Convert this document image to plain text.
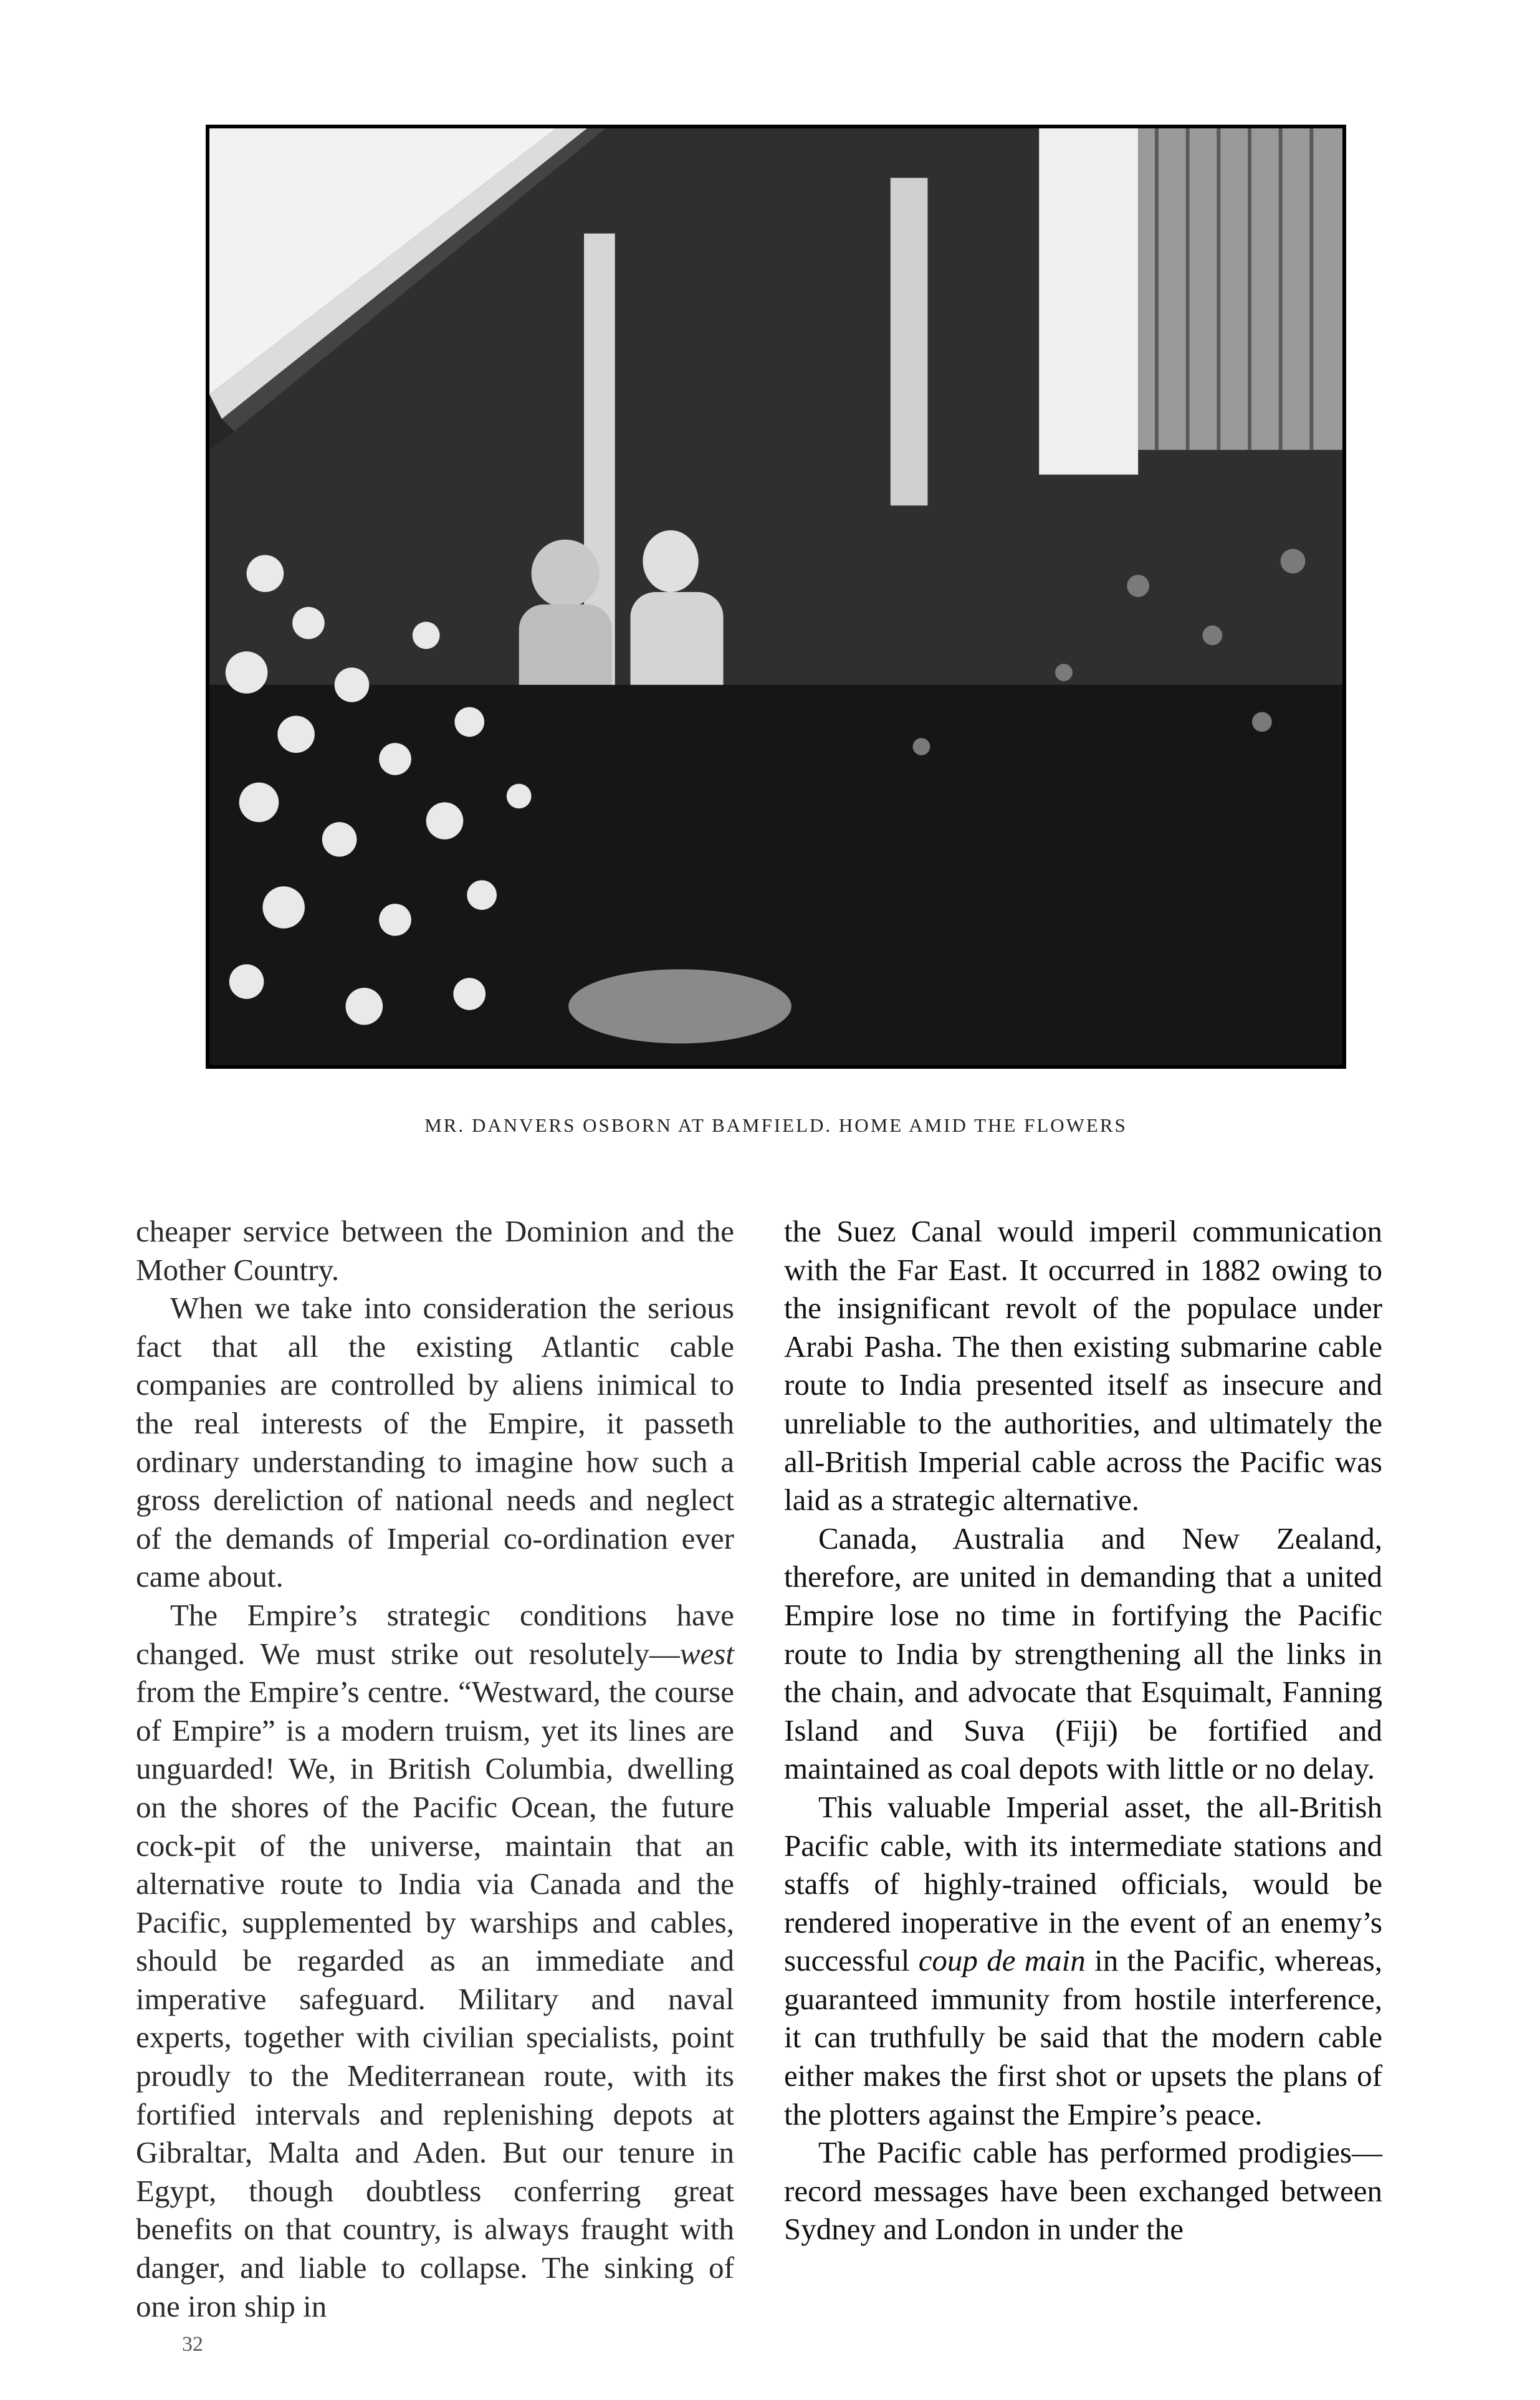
MR. DANVERS OSBORN AT BAMFIELD. HOME AMID THE FLOWERS

cheaper service between the Dominion and the Mother Country.

When we take into consideration the serious fact that all the existing Atlantic cable companies are controlled by aliens inimical to the real interests of the Empire, it passeth ordinary understanding to imagine how such a gross dereliction of national needs and neglect of the demands of Imperial co-ordination ever came about.

The Empire’s strategic conditions have changed. We must strike out resolutely—west from the Empire’s centre. “Westward, the course of Empire” is a modern truism, yet its lines are unguarded! We, in British Columbia, dwelling on the shores of the Pacific Ocean, the future cock-pit of the universe, maintain that an alternative route to India via Canada and the Pacific, supplemented by warships and cables, should be regarded as an immediate and imperative safeguard. Military and naval experts, together with civilian specialists, point proudly to the Mediterranean route, with its fortified intervals and replenishing depots at Gibraltar, Malta and Aden. But our tenure in Egypt, though doubtless conferring great benefits on that country, is always fraught with danger, and liable to collapse. The sinking of one iron ship in

the Suez Canal would imperil communication with the Far East. It occurred in 1882 owing to the insignificant revolt of the populace under Arabi Pasha. The then existing submarine cable route to India presented itself as insecure and unreliable to the authorities, and ultimately the all-British Imperial cable across the Pacific was laid as a strategic alternative.

Canada, Australia and New Zealand, therefore, are united in demanding that a united Empire lose no time in fortifying the Pacific route to India by strengthening all the links in the chain, and advocate that Esquimalt, Fanning Island and Suva (Fiji) be fortified and maintained as coal depots with little or no delay.

This valuable Imperial asset, the all-British Pacific cable, with its intermediate stations and staffs of highly-trained officials, would be rendered inoperative in the event of an enemy’s successful coup de main in the Pacific, whereas, guaranteed immunity from hostile interference, it can truthfully be said that the modern cable either makes the first shot or upsets the plans of the plotters against the Empire’s peace.

The Pacific cable has performed prodigies—record messages have been exchanged between Sydney and London in under the

32
